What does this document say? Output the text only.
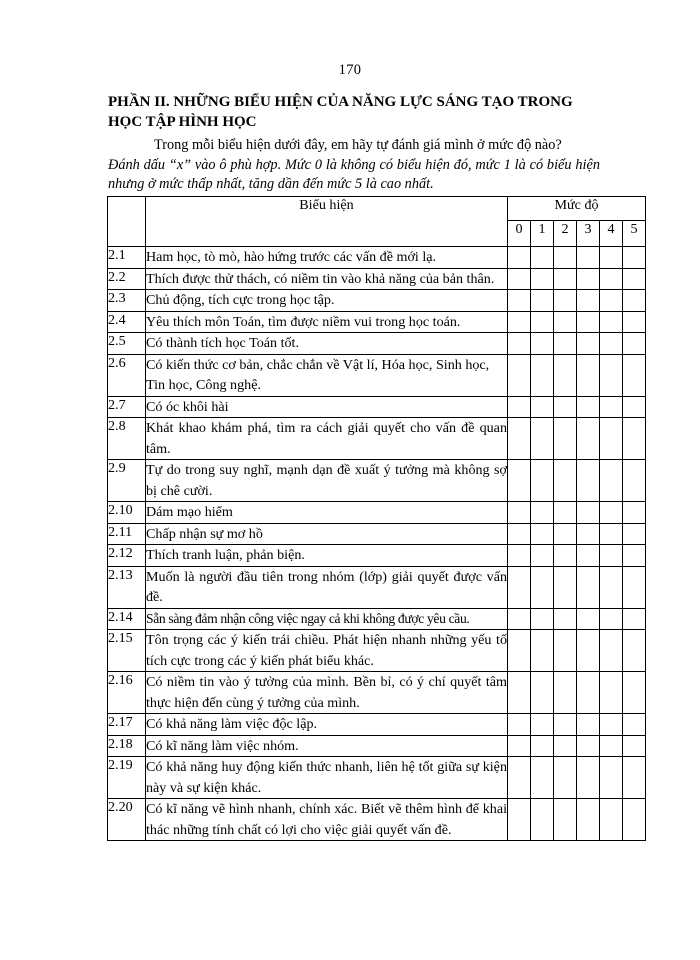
170

PHẦN II. NHỮNG BIỂU HIỆN CỦA NĂNG LỰC SÁNG TẠO TRONG HỌC TẬP HÌNH HỌC

Trong mỗi biểu hiện dưới đây, em hãy tự đánh giá mình ở mức độ nào?

Đánh dấu “x” vào ô phù hợp. Mức 0 là không có biểu hiện đó, mức 1 là có biểu hiện nhưng ở mức thấp nhất, tăng dần đến mức 5 là cao nhất.

	Biểu hiện	Mức độ					
		0	1	2	3	4	5
2.1	Ham học, tò mò, hào hứng trước các vấn đề mới lạ.						
2.2	Thích được thử thách, có niềm tin vào khả năng của bản thân.						
2.3	Chủ động, tích cực trong học tập.						
2.4	Yêu thích môn Toán, tìm được niềm vui trong học toán.						
2.5	Có thành tích học Toán tốt.						
2.6	Có kiến thức cơ bản, chắc chắn về Vật lí, Hóa học, Sinh học, Tin học, Công nghệ.						
2.7	Có óc khôi hài						
2.8	Khát khao khám phá, tìm ra cách giải quyết cho vấn đề quan tâm.						
2.9	Tự do trong suy nghĩ, mạnh dạn đề xuất ý tưởng mà không sợ bị chê cười.						
2.10	Dám mạo hiểm						
2.11	Chấp nhận sự mơ hồ						
2.12	Thích tranh luận, phản biện.						
2.13	Muốn là người đầu tiên trong nhóm (lớp) giải quyết được vấn đề.						
2.14	Sẵn sàng đảm nhận công việc ngay cả khi không được yêu cầu.						
2.15	Tôn trọng các ý kiến trái chiều. Phát hiện nhanh những yếu tố tích cực trong các ý kiến phát biểu khác.						
2.16	Có niềm tin vào ý tưởng của mình. Bền bỉ, có ý chí quyết tâm thực hiện đến cùng ý tưởng của mình.						
2.17	Có khả năng làm việc độc lập.						
2.18	Có kĩ năng làm việc nhóm.						
2.19	Có khả năng huy động kiến thức nhanh, liên hệ tốt giữa sự kiện này và sự kiện khác.						
2.20	Có kĩ năng vẽ hình nhanh, chính xác. Biết vẽ thêm hình để khai thác những tính chất có lợi cho việc giải quyết vấn đề.						
